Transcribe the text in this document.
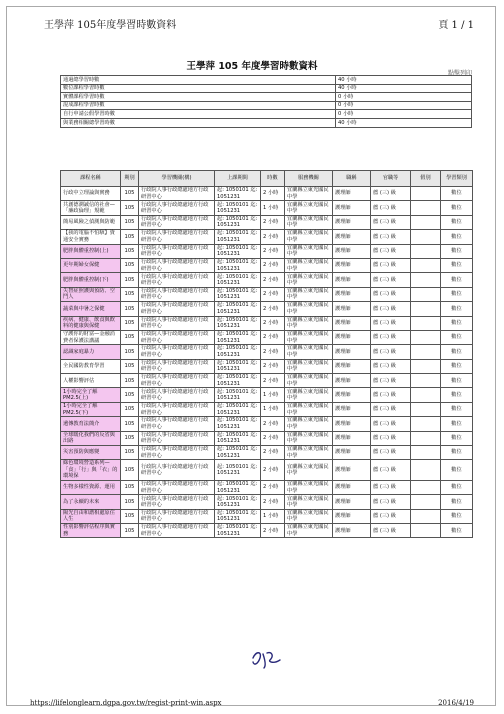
王學萍 105年度學習時數資料	頁 1 / 1
王學萍 105 年度學習時數資料
點擊列印
通過總學習時數	40 小時
數位課程學習時數	40 小時
實體課程學習時數	0 小時
混成課程學習時數	0 小時
自行申請公假學習時數	0 小時
與業務相關總學習時數	40 小時
課程名稱	期別	學習機關(構)	上課期間	時數	服務機關	職稱	官職等	假別	學習類別
行政中立理論與實務	105	行政院人事行政總處地方行政研習中心	起: 1050101 迄: 1051231	2 小時	宜蘭縣立東光國民中學	護理師	薦 (三) 級		數位
共創德潤誠信的社會—「廉政倫理」規範	105	行政院人事行政總處地方行政研習中心	起: 1050101 迄: 1051231	1 小時	宜蘭縣立東光國民中學	護理師	薦 (三) 級		數位
簡易風險之偵測與防範	105	行政院人事行政總處地方行政研習中心	起: 1050101 迄: 1051231	2 小時	宜蘭縣立東光國民中學	護理師	薦 (三) 級		數位
【我的電腦不怕駭】資通安全實務	105	行政院人事行政總處地方行政研習中心	起: 1050101 迄: 1051231	2 小時	宜蘭縣立東光國民中學	護理師	薦 (三) 級		數位
肥胖與體重控制(上)	105	行政院人事行政總處地方行政研習中心	起: 1050101 迄: 1051231	2 小時	宜蘭縣立東光國民中學	護理師	薦 (三) 級		數位
更年期婦女保健	105	行政院人事行政總處地方行政研習中心	起: 1050101 迄: 1051231	2 小時	宜蘭縣立東光國民中學	護理師	薦 (三) 級		數位
肥胖與體重控制(下)	105	行政院人事行政總處地方行政研習中心	起: 1050101 迄: 1051231	2 小時	宜蘭縣立東光國民中學	護理師	薦 (三) 級		數位
失智症照護與預防、空鬥人	105	行政院人事行政總處地方行政研習中心	起: 1050101 迄: 1051231	2 小時	宜蘭縣立東光國民中學	護理師	薦 (三) 級		數位
蔬菜與中暑之保健	105	行政院人事行政總處地方行政研習中心	起: 1050101 迄: 1051231	2 小時	宜蘭縣立東光國民中學	護理師	薦 (三) 級		數位
疾病、健康、飲食與飲料的健康與保健	105	行政院人事行政總處地方行政研習中心	起: 1050101 迄: 1051231	2 小時	宜蘭縣立東光國民中學	護理師	薦 (三) 級		數位
守護你的財富—金融消費者保護法講議	105	行政院人事行政總處地方行政研習中心	起: 1050101 迄: 1051231	2 小時	宜蘭縣立東光國民中學	護理師	薦 (三) 級		數位
認識家庭暴力	105	行政院人事行政總處地方行政研習中心	起: 1050101 迄: 1051231	2 小時	宜蘭縣立東光國民中學	護理師	薦 (三) 級		數位
全民國防教育學習	105	行政院人事行政總處地方行政研習中心	起: 1050101 迄: 1051231	2 小時	宜蘭縣立東光國民中學	護理師	薦 (三) 級		數位
人權影響評估	105	行政院人事行政總處地方行政研習中心	起: 1050101 迄: 1051231	2 小時	宜蘭縣立東光國民中學	護理師	薦 (三) 級		數位
1小時完全了解PM2.5(上)	105	行政院人事行政總處地方行政研習中心	起: 1050101 迄: 1051231	1 小時	宜蘭縣立東光國民中學	護理師	薦 (三) 級		數位
1小時完全了解PM2.5(下)	105	行政院人事行政總處地方行政研習中心	起: 1050101 迄: 1051231	1 小時	宜蘭縣立東光國民中學	護理師	薦 (三) 級		數位
遺傳教育法簡介	105	行政院人事行政總處地方行政研習中心	起: 1050101 迄: 1051231	2 小時	宜蘭縣立東光國民中學	護理師	薦 (三) 級		數位
全球暖化我們的反省與出路	105	行政院人事行政總處地方行政研習中心	起: 1050101 迄: 1051231	2 小時	宜蘭縣立東光國民中學	護理師	薦 (三) 級		數位
災害預防與應變	105	行政院人事行政總處地方行政研習中心	起: 1050101 迄: 1051231	2 小時	宜蘭縣立東光國民中學	護理師	薦 (三) 級		數位
綠色環境營造系列—「食」「行」與「衣」的環境保	105	行政院人事行政總處地方行政研習中心	起: 1050101 迄: 1051231	2 小時	宜蘭縣立東光國民中學	護理師	薦 (三) 級		數位
生物多樣性資源、運用	105	行政院人事行政總處地方行政研習中心	起: 1050101 迄: 1051231	2 小時	宜蘭縣立東光國民中學	護理師	薦 (三) 級		數位
為了永續的未來	105	行政院人事行政總處地方行政研習中心	起: 1050101 迄: 1051231	2 小時	宜蘭縣立東光國民中學	護理師	薦 (三) 級		數位
陽光自由和諧相處原住人生	105	行政院人事行政總處地方行政研習中心	起: 1050101 迄: 1051231	1 小時	宜蘭縣立東光國民中學	護理師	薦 (三) 級		數位
性別影響評估程序與實務	105	行政院人事行政總處地方行政研習中心	起: 1050101 迄: 1051231	2 小時	宜蘭縣立東光國民中學	護理師	薦 (三) 級		數位
https://lifelonglearn.dgpa.gov.tw/regist-print-win.aspx	2016/4/19
